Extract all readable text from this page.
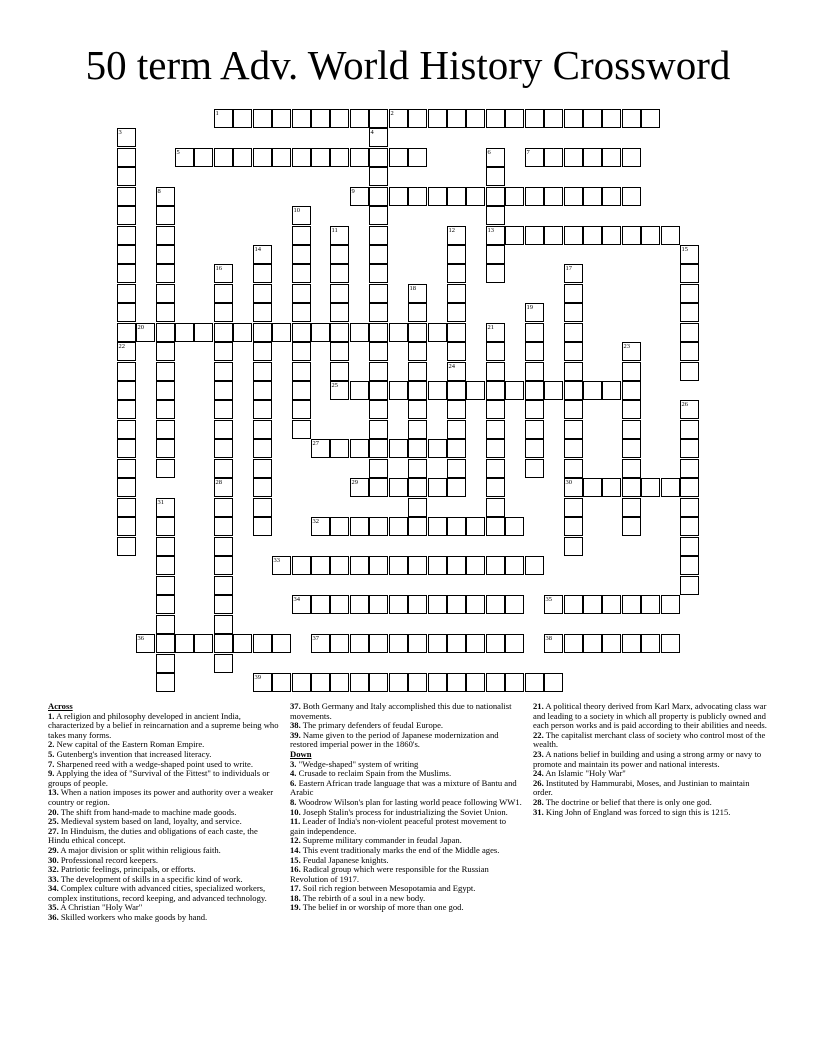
50 term Adv. World History Crossword
1	2
3	4
5	6	7
8	9
10
11	12	13
14	15
16	17
18
19
20	21
22	23
24
25
26
27
28	29	30
31
32
33
34	35
36	37	38
39
Across
1. A religion and philosophy developed in ancient India, characterized by a belief in reincarnation and a supreme being who takes many forms.
2. New capital of the Eastern Roman Empire.
5. Gutenberg's invention that increased literacy.
7. Sharpened reed with a wedge-shaped point used to write.
9. Applying the idea of "Survival of the Fittest" to individuals or groups of people.
13. When a nation imposes its power and authority over a weaker country or region.
20. The shift from hand-made to machine made goods.
25. Medieval system based on land, loyalty, and service.
27. In Hinduism, the duties and obligations of each caste, the Hindu ethical concept.
29. A major division or split within religious faith.
30. Professional record keepers.
32. Patriotic feelings, principals, or efforts.
33. The development of skills in a specific kind of work.
34. Complex culture with advanced cities, specialized workers, complex institutions, record keeping, and advanced technology.
35. A Christian "Holy War"
36. Skilled workers who make goods by hand.
37. Both Germany and Italy accomplished this due to nationalist movements.
38. The primary defenders of feudal Europe.
39. Name given to the period of Japanese modernization and restored imperial power in the 1860's.
Down
3. "Wedge-shaped" system of writing
4. Crusade to reclaim Spain from the Muslims.
6. Eastern African trade language that was a mixture of Bantu and Arabic
8. Woodrow Wilson's plan for lasting world peace following WW1.
10. Joseph Stalin's process for industrializing the Soviet Union.
11. Leader of India's non-violent peaceful protest movement to gain independence.
12. Supreme military commander in feudal Japan.
14. This event traditionaly marks the end of the Middle ages.
15. Feudal Japanese knights.
16. Radical group which were responsible for the Russian Revolution of 1917.
17. Soil rich region between Mesopotamia and Egypt.
18. The rebirth of a soul in a new body.
19. The belief in or worship of more than one god.
21. A political theory derived from Karl Marx, advocating class war and leading to a society in which all property is publicly owned and each person works and is paid according to their abilities and needs.
22. The capitalist merchant class of society who control most of the wealth.
23. A nations belief in building and using a strong army or navy to promote and maintain its power and national interests.
24. An Islamic "Holy War"
26. Instituted by Hammurabi, Moses, and Justinian to maintain order.
28. The doctrine or belief that there is only one god.
31. King John of England was forced to sign this is 1215.
